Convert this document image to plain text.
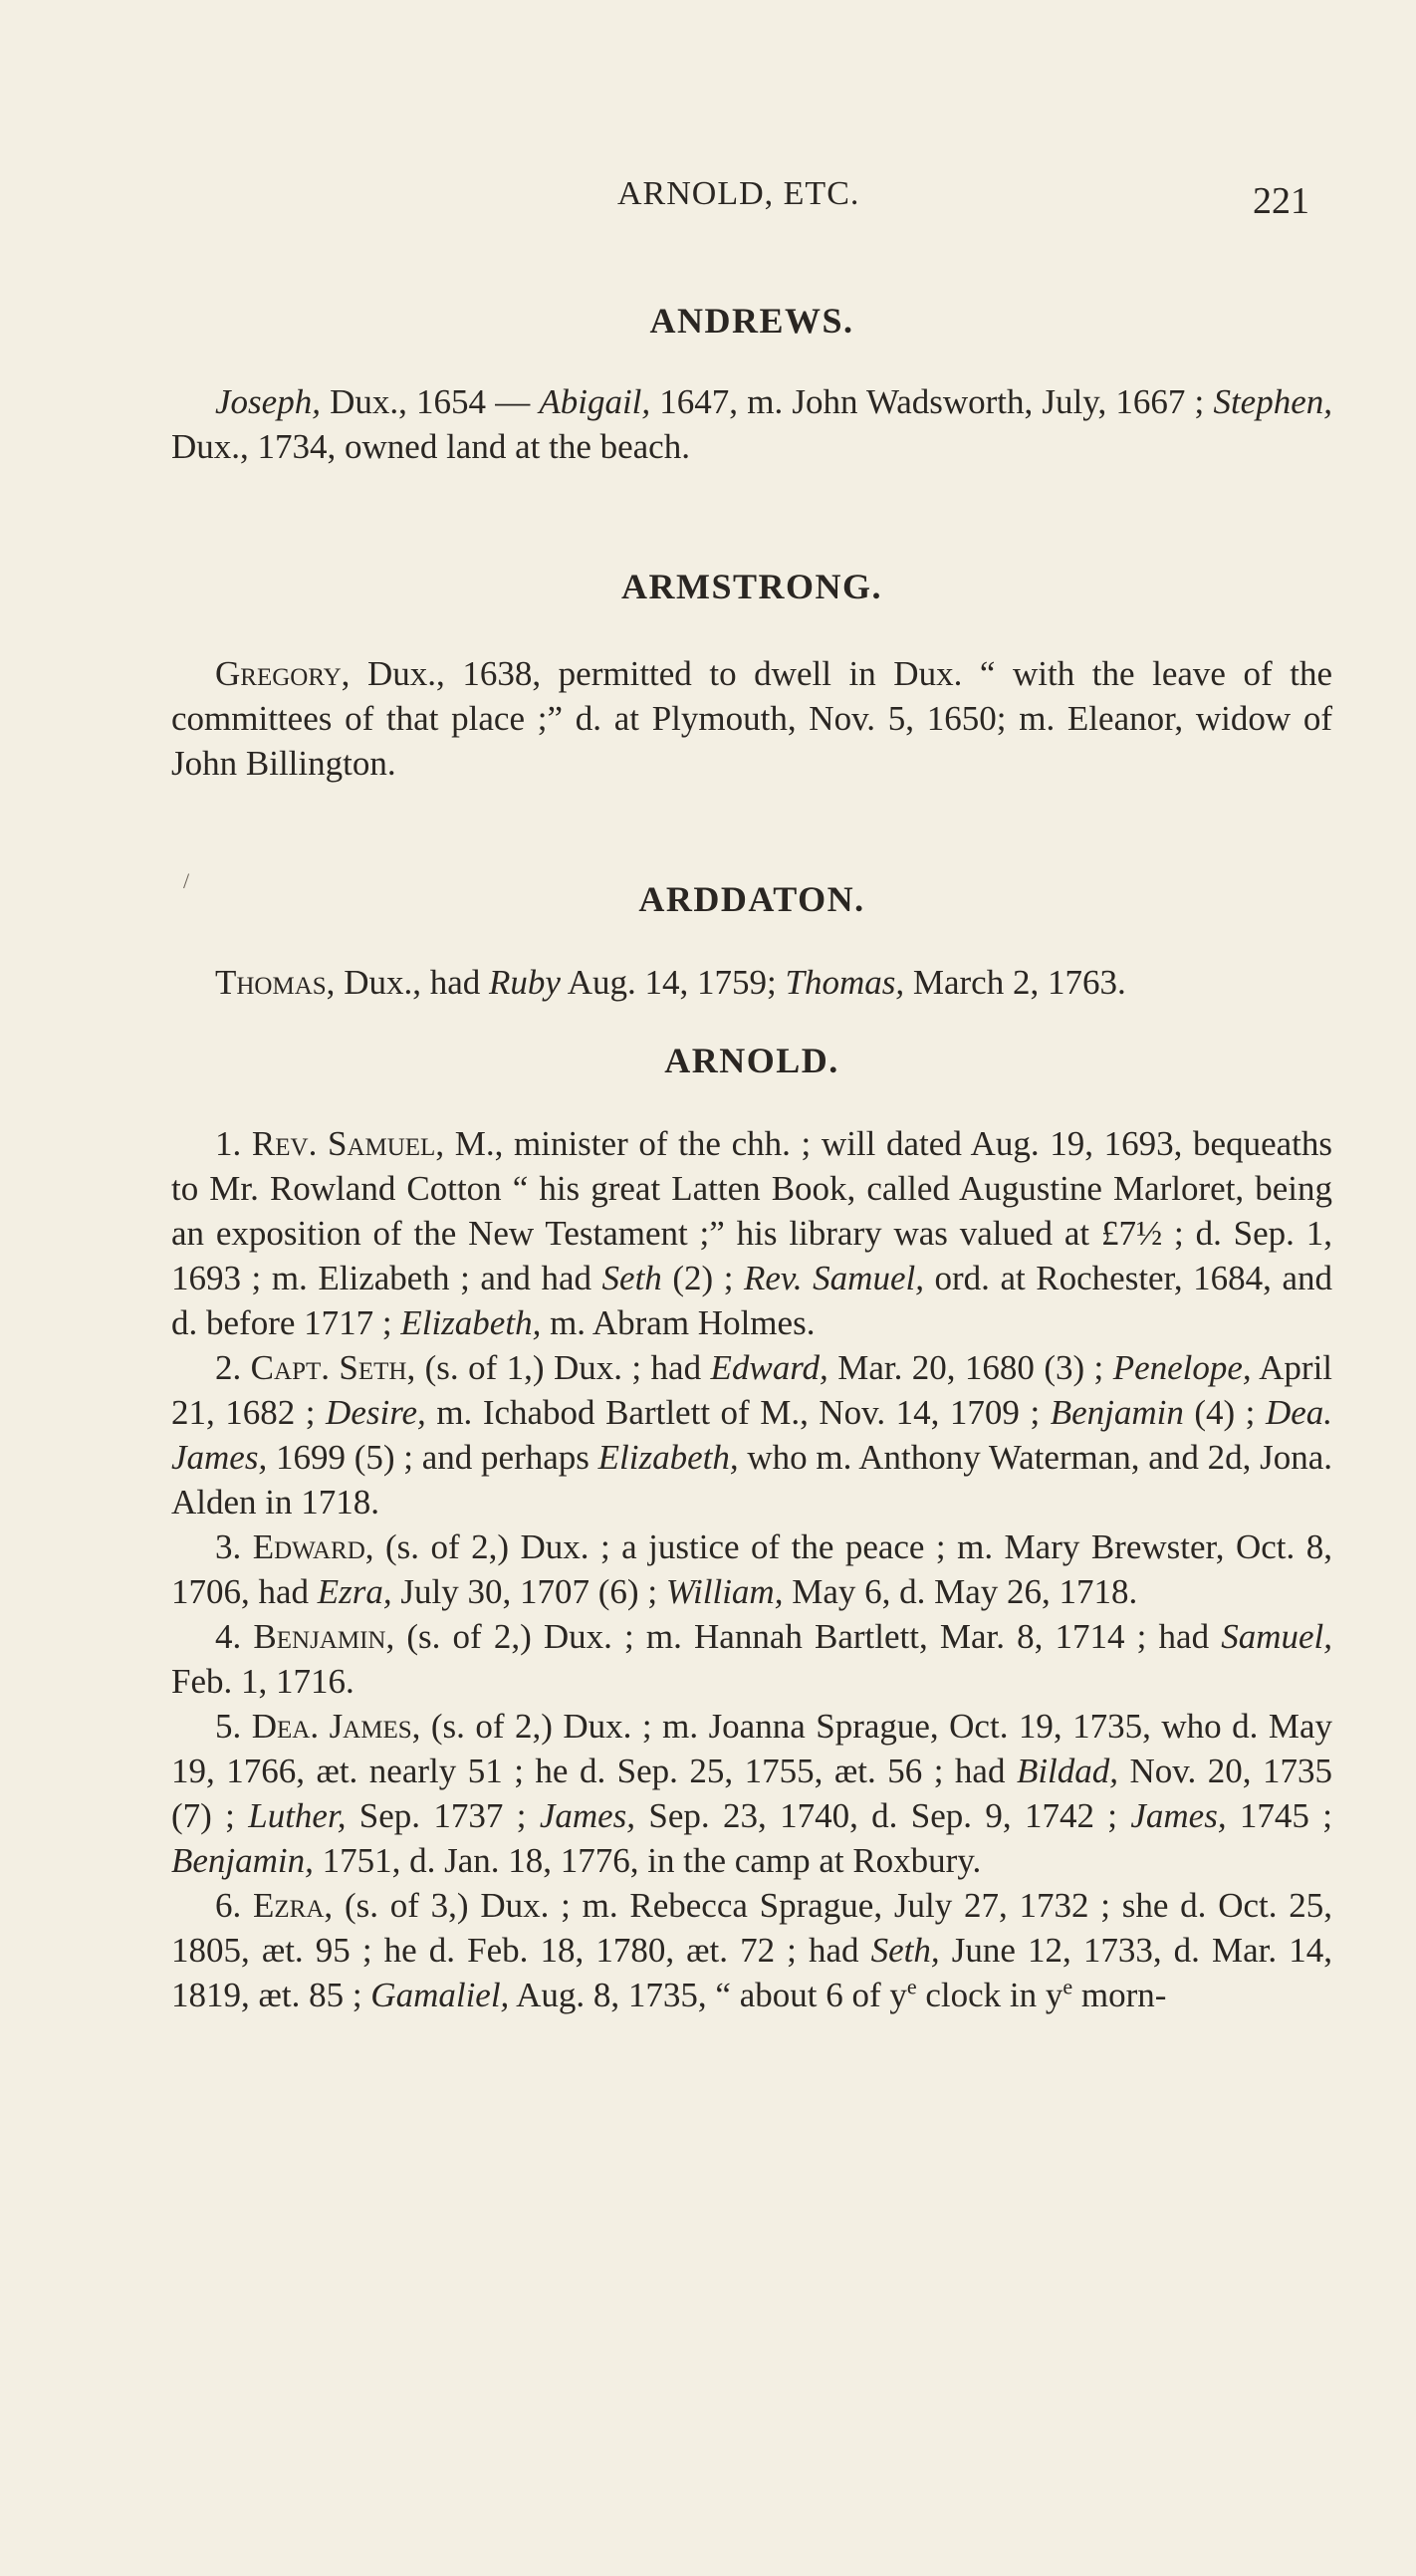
ARNOLD, ETC.	221
/
ANDREWS.

Joseph, Dux., 1654 — Abigail, 1647, m. John Wadsworth, July, 1667 ; Stephen, Dux., 1734, owned land at the beach.

ARMSTRONG.

Gregory, Dux., 1638, permitted to dwell in Dux. “ with the leave of the committees of that place ;” d. at Plymouth, Nov. 5, 1650; m. Eleanor, widow of John Billington.

ARDDATON.

Thomas, Dux., had Ruby Aug. 14, 1759; Thomas, March 2, 1763.

ARNOLD.

1. Rev. Samuel, M., minister of the chh. ; will dated Aug. 19, 1693, bequeaths to Mr. Rowland Cotton “ his great Latten Book, called Augustine Marloret, being an exposition of the New Testament ;” his library was valued at £7½ ; d. Sep. 1, 1693 ; m. Elizabeth ; and had Seth (2) ; Rev. Samuel, ord. at Rochester, 1684, and d. before 1717 ; Elizabeth, m. Abram Holmes.

2. Capt. Seth, (s. of 1,) Dux. ; had Edward, Mar. 20, 1680 (3) ; Penelope, April 21, 1682 ; Desire, m. Ichabod Bartlett of M., Nov. 14, 1709 ; Benjamin (4) ; Dea. James, 1699 (5) ; and perhaps Elizabeth, who m. Anthony Waterman, and 2d, Jona. Alden in 1718.

3. Edward, (s. of 2,) Dux. ; a justice of the peace ; m. Mary Brewster, Oct. 8, 1706, had Ezra, July 30, 1707 (6) ; William, May 6, d. May 26, 1718.

4. Benjamin, (s. of 2,) Dux. ; m. Hannah Bartlett, Mar. 8, 1714 ; had Samuel, Feb. 1, 1716.

5. Dea. James, (s. of 2,) Dux. ; m. Joanna Sprague, Oct. 19, 1735, who d. May 19, 1766, æt. nearly 51 ; he d. Sep. 25, 1755, æt. 56 ; had Bildad, Nov. 20, 1735 (7) ; Luther, Sep. 1737 ; James, Sep. 23, 1740, d. Sep. 9, 1742 ; James, 1745 ; Benjamin, 1751, d. Jan. 18, 1776, in the camp at Roxbury.

6. Ezra, (s. of 3,) Dux. ; m. Rebecca Sprague, July 27, 1732 ; she d. Oct. 25, 1805, æt. 95 ; he d. Feb. 18, 1780, æt. 72 ; had Seth, June 12, 1733, d. Mar. 14, 1819, æt. 85 ; Gamaliel, Aug. 8, 1735, “ about 6 of $y^e$ clock in $y^e$ morn-
